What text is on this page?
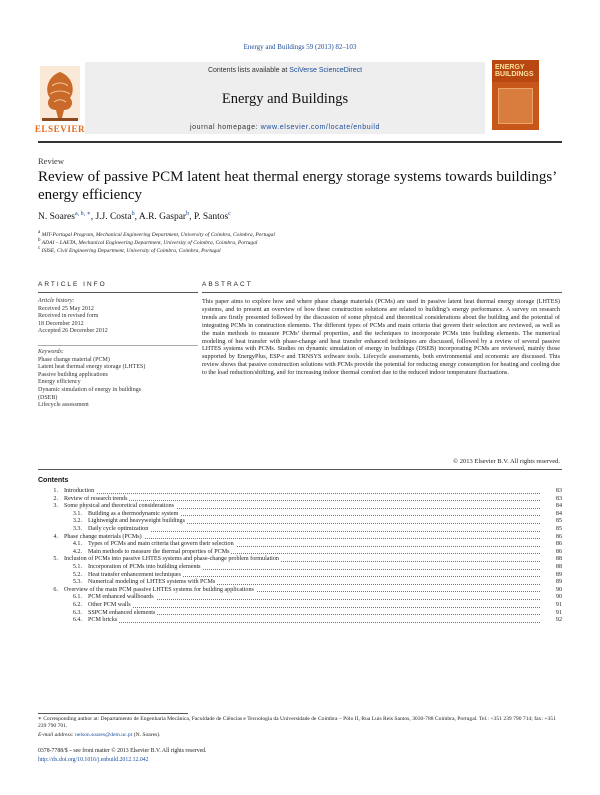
Energy and Buildings 59 (2013) 82–103
ELSEVIER
Contents lists available at SciVerse ScienceDirect
Energy and Buildings
journal homepage: www.elsevier.com/locate/enbuild
ENERGY BUILDINGS
Review
Review of passive PCM latent heat thermal energy storage systems towards buildings’ energy efficiency
N. Soares$^{a, b, ∗}$, J.J. Costa$^b$, A.R. Gaspar$^b$, P. Santos$^c$
$^a$ MIT-Portugal Program, Mechanical Engineering Department, University of Coimbra, Coimbra, Portugal
$^b$ ADAI – LAETA, Mechanical Engineering Department, University of Coimbra, Coimbra, Portugal
$^c$ ISISE, Civil Engineering Department, University of Coimbra, Coimbra, Portugal
ARTICLE INFO	ABSTRACT
Article history:
Received 25 May 2012
Received in revised form
18 December 2012
Accepted 26 December 2012
Keywords:
Phase change material (PCM)
Latent heat thermal energy storage (LHTES)
Passive building applications
Energy efficiency
Dynamic simulation of energy in buildings
(DSEB)
Lifecycle assessment
This paper aims to explore how and where phase change materials (PCMs) are used in passive latent heat thermal energy storage (LHTES) systems, and to present an overview of how these construction solutions are related to building’s energy performance. A survey on research trends are firstly presented followed by the discussion of some physical and theoretical considerations about the building and the potential of integrating PCMs in construction elements. The different types of PCMs and main criteria that govern their selection are reviewed, as well as the main methods to measure PCMs’ thermal properties, and the techniques to incorporate PCMs into building elements. The numerical modeling of heat transfer with phase-change and heat transfer enhanced techniques are discussed, followed by a review of several passive LHTES systems with PCMs. Studies on dynamic simulation of energy in buildings (DSEB) incorporating PCMs are reviewed, mainly those supported by EnergyPlus, ESP-r and TRNSYS software tools. Lifecycle assessments, both environmental and economic are discussed. This review shows that passive construction solutions with PCMs provide the potential for reducing energy consumption for heating and cooling due to the load reduction/shifting, and for increasing indoor thermal comfort due to the reduced indoor temperature fluctuations.
© 2013 Elsevier B.V. All rights reserved.
Contents
1. Introduction	83
2. Review of research trends	83
3. Some physical and theoretical considerations	84
3.1. Building as a thermodynamic system	84
3.2. Lightweight and heavyweight buildings	85
3.3. Daily cycle optimization	85
4. Phase change materials (PCMs)	86
4.1. Types of PCMs and main criteria that govern their selection	86
4.2. Main methods to measure the thermal properties of PCMs	86
5. Inclusion of PCMs into passive LHTES systems and phase-change problem formulation	88
5.1. Incorporation of PCMs into building elements	88
5.2. Heat transfer enhancement techniques	89
5.3. Numerical modeling of LHTES systems with PCMs	89
6. Overview of the main PCM passive LHTES systems for building applications	90
6.1. PCM enhanced wallboards	90
6.2. Other PCM walls	91
6.3. SSPCM enhanced elements	91
6.4. PCM bricks	92
∗ Corresponding author at: Departamento de Engenharia Mecânica, Faculdade de Ciências e Tecnologia da Universidade de Coimbra – Pólo II, Rua Luís Reis Santos, 3030-788 Coimbra, Portugal. Tel.: +351 239 790 714; fax: +351 239 790 701.
E-mail address: nelson.soares@dem.uc.pt (N. Soares).
0378-7788/$ – see front matter © 2013 Elsevier B.V. All rights reserved.
http://dx.doi.org/10.1016/j.enbuild.2012.12.042
